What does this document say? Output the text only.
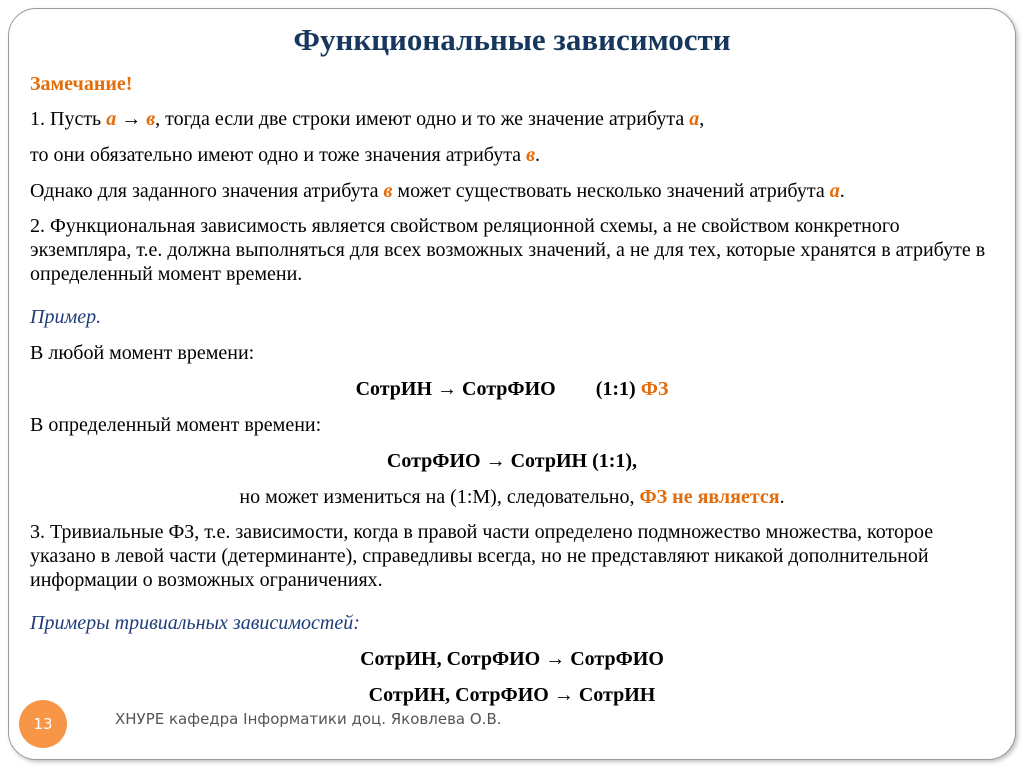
Функциональные зависимости
Замечание!
1. Пусть а → в, тогда если две строки имеют одно и то же значение атрибута а,
то они обязательно имеют одно и тоже значения атрибута в.
Однако для заданного значения атрибута в может существовать несколько значений атрибута а.
2. Функциональная зависимость является свойством реляционной схемы, а не свойством конкретного экземпляра, т.е. должна выполняться для всех возможных значений, а не для тех, которые хранятся в атрибуте в определенный момент времени.
Пример.
В любой момент времени:
СотрИН → СотрФИО        (1:1) ФЗ
В определенный момент времени:
СотрФИО → СотрИН (1:1),
но может измениться на (1:М), следовательно, ФЗ не является.
3. Тривиальные ФЗ, т.е. зависимости, когда в правой части определено подмножество множества, которое указано в левой части (детерминанте), справедливы всегда, но не представляют никакой дополнительной информации о возможных ограничениях.
Примеры тривиальных зависимостей:
СотрИН, СотрФИО → СотрФИО
СотрИН, СотрФИО → СотрИН
13	ХНУРЕ кафедра Інформатики доц. Яковлева О.В.
